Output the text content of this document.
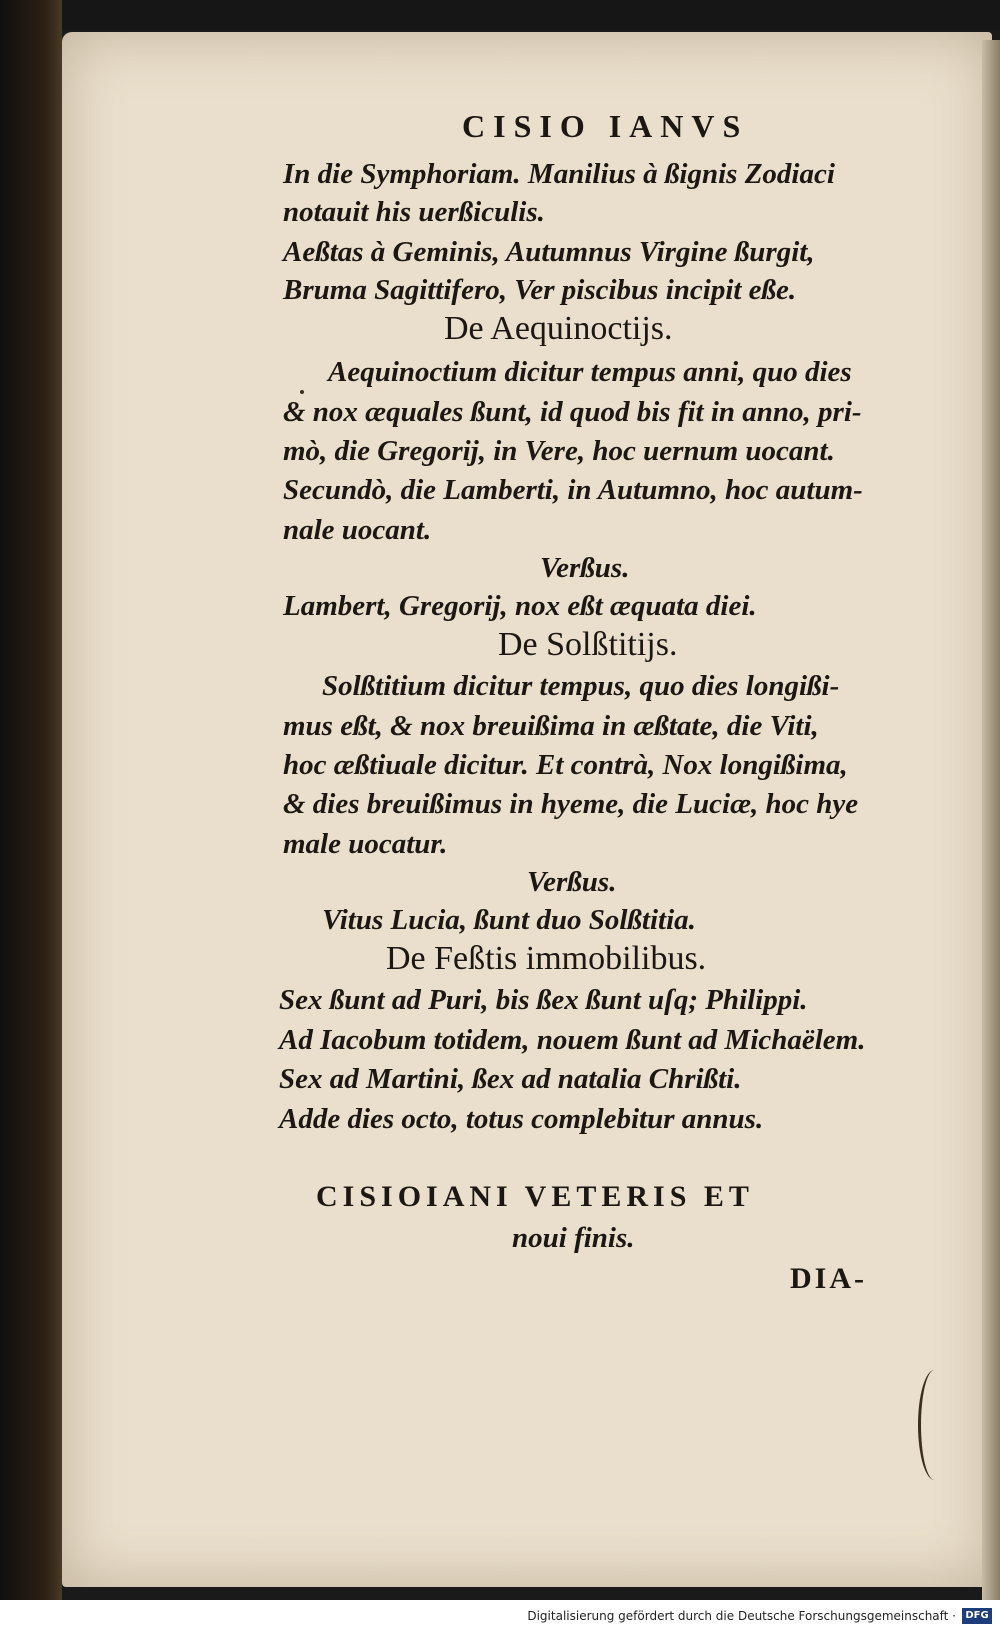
CISIO IANVS
In die Symphoriam. Manilius à ßignis Zodiaci
notauit his uerßiculis.
Aeßtas à Geminis, Autumnus Virgine ßurgit,
Bruma Sagittifero, Ver piscibus incipit eße.
De Aequinoctijs.
Aequinoctium dicitur tempus anni, quo dies
& nox æquales ßunt, id quod bis fit in anno, pri-
mò, die Gregorij, in Vere, hoc uernum uocant.
Secundò, die Lamberti, in Autumno, hoc autum-
nale uocant.
Verßus.
Lambert, Gregorij, nox eßt æquata diei.
De Solßtitijs.
Solßtitium dicitur tempus, quo dies longißi-
mus eßt, & nox breuißima in æßtate, die Viti,
hoc æßtiuale dicitur. Et contrà, Nox longißima,
& dies breuißimus in hyeme, die Luciæ, hoc hye
male uocatur.
Verßus.
Vitus Lucia, ßunt duo Solßtitia.
De Feßtis immobilibus.
Sex ßunt ad Puri, bis ßex ßunt uſq; Philippi.
Ad Iacobum totidem, nouem ßunt ad Michaëlem.
Sex ad Martini, ßex ad natalia Chrißti.
Adde dies octo, totus complebitur annus.
CISIOIANI VETERIS ET
noui finis.
DIA-
Digitalisierung gefördert durch die Deutsche Forschungsgemeinschaft · DFG
